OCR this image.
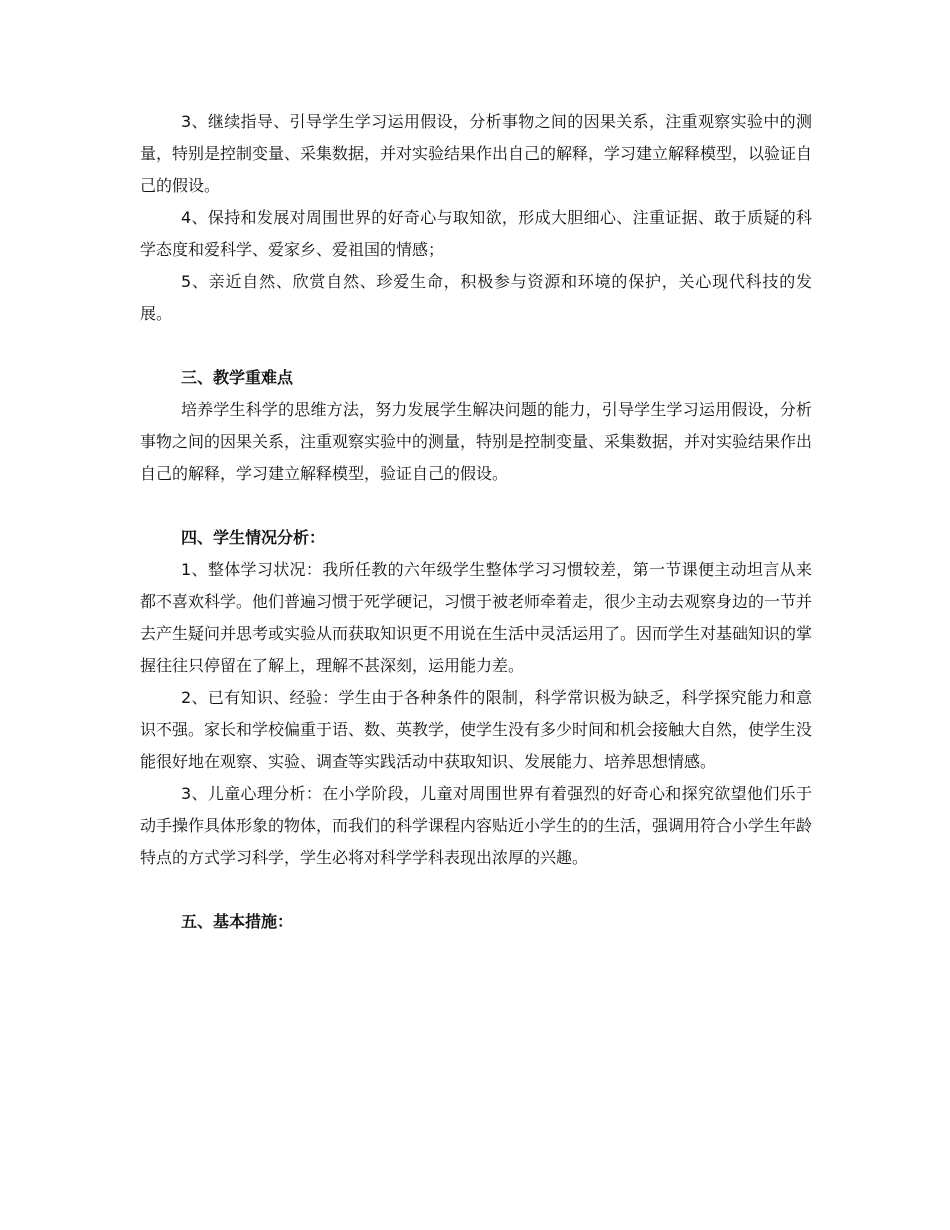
3、继续指导、引导学生学习运用假设，分析事物之间的因果关系，注重观察实验中的测量，特别是控制变量、采集数据，并对实验结果作出自己的解释，学习建立解释模型，以验证自己的假设。

4、保持和发展对周围世界的好奇心与取知欲，形成大胆细心、注重证据、敢于质疑的科学态度和爱科学、爱家乡、爱祖国的情感；

5、亲近自然、欣赏自然、珍爱生命，积极参与资源和环境的保护，关心现代科技的发展。

三、教学重难点

培养学生科学的思维方法，努力发展学生解决问题的能力，引导学生学习运用假设，分析事物之间的因果关系，注重观察实验中的测量，特别是控制变量、采集数据，并对实验结果作出自己的解释，学习建立解释模型，验证自己的假设。

四、学生情况分析：

1、整体学习状况：我所任教的六年级学生整体学习习惯较差，第一节课便主动坦言从来都不喜欢科学。他们普遍习惯于死学硬记，习惯于被老师牵着走，很少主动去观察身边的一节并去产生疑问并思考或实验从而获取知识更不用说在生活中灵活运用了。因而学生对基础知识的掌握往往只停留在了解上，理解不甚深刻，运用能力差。

2、已有知识、经验：学生由于各种条件的限制，科学常识极为缺乏，科学探究能力和意识不强。家长和学校偏重于语、数、英教学，使学生没有多少时间和机会接触大自然，使学生没能很好地在观察、实验、调查等实践活动中获取知识、发展能力、培养思想情感。

3、儿童心理分析：在小学阶段，儿童对周围世界有着强烈的好奇心和探究欲望他们乐于动手操作具体形象的物体，而我们的科学课程内容贴近小学生的的生活，强调用符合小学生年龄特点的方式学习科学，学生必将对科学学科表现出浓厚的兴趣。

五、基本措施：
